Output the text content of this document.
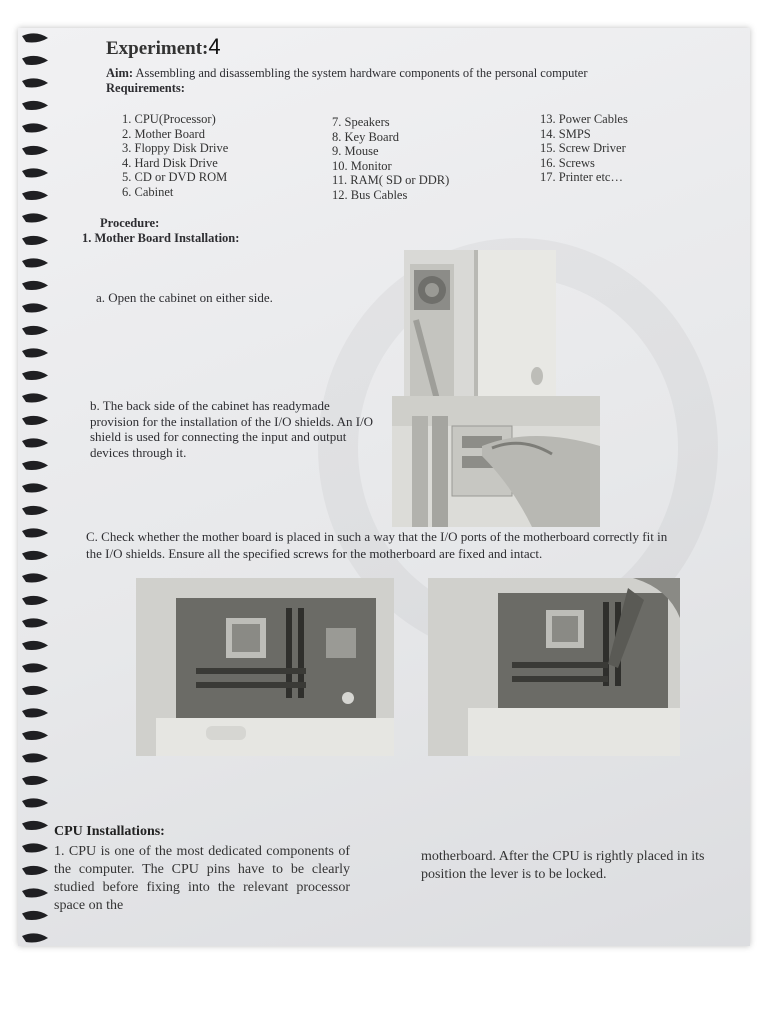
Experiment:4
Aim: Assembling and disassembling the system hardware components of the personal computer
Requirements:
1. CPU(Processor)
2. Mother Board
3. Floppy Disk Drive
4. Hard Disk Drive
5. CD or DVD ROM
6. Cabinet
7. Speakers
8. Key Board
9. Mouse
10. Monitor
11. RAM( SD or DDR)
12. Bus Cables
13. Power Cables
14. SMPS
15. Screw Driver
16. Screws
17. Printer etc…
Procedure:
1. Mother Board Installation:
a. Open the cabinet on either side.
b. The back side of the cabinet has readymade provision for the installation of the I/O shields. An I/O shield is used for connecting the input and output devices through it.
C. Check whether the mother board is placed in such a way that the I/O ports of the motherboard correctly fit in the I/O shields. Ensure all the specified screws for the motherboard are fixed and intact.
CPU Installations:
1. CPU is one of the most dedicated components of the computer. The CPU pins have to be clearly studied before fixing into the relevant processor space on the
motherboard. After the CPU is rightly placed in its position the lever is to be locked.
